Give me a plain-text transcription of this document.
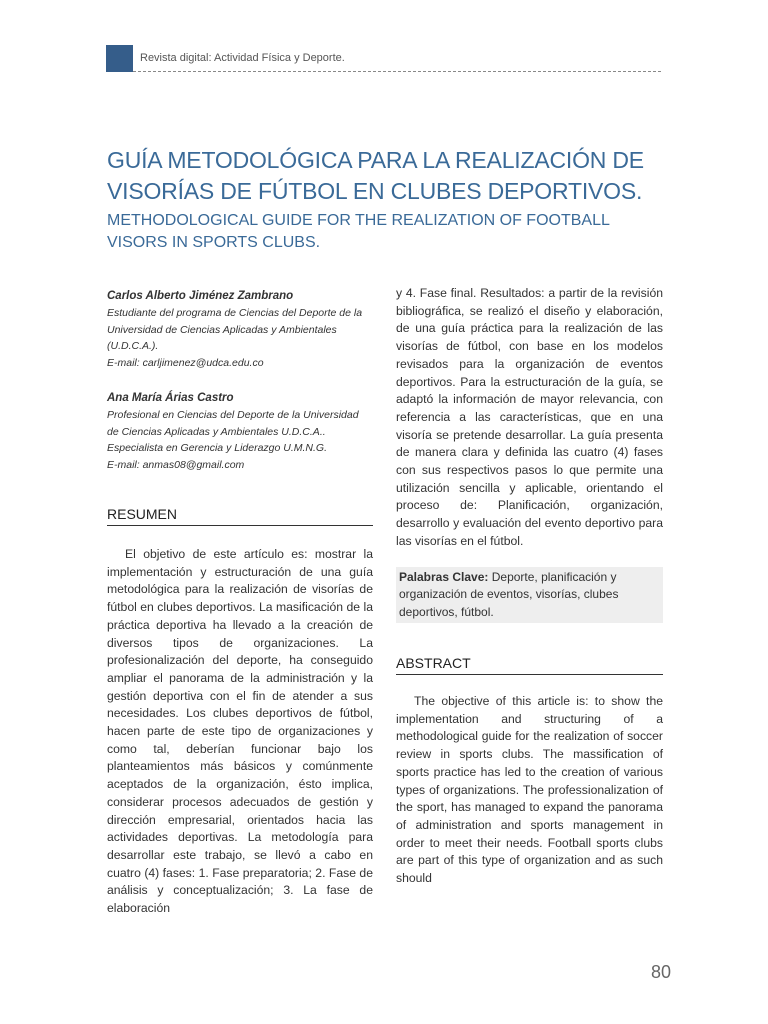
Revista digital: Actividad Física y Deporte.
GUÍA METODOLÓGICA PARA LA REALIZACIÓN DE VISORÍAS DE FÚTBOL EN CLUBES DEPORTIVOS.
METHODOLOGICAL GUIDE FOR THE REALIZATION OF FOOTBALL VISORS IN SPORTS CLUBS.
Carlos Alberto Jiménez Zambrano
Estudiante del programa de Ciencias del Deporte de la Universidad de Ciencias Aplicadas y Ambientales (U.D.C.A.).
E-mail: carljimenez@udca.edu.co
Ana María Árias Castro
Profesional en Ciencias del Deporte de la Universidad de Ciencias Aplicadas y Ambientales U.D.C.A..
Especialista en Gerencia y Liderazgo U.M.N.G.
E-mail: anmas08@gmail.com
RESUMEN

El objetivo de este artículo es: mostrar la implementación y estructuración de una guía metodológica para la realización de visorías de fútbol en clubes deportivos. La masificación de la práctica deportiva ha llevado a la creación de diversos tipos de organizaciones. La profesionalización del deporte, ha conseguido ampliar el panorama de la administración y la gestión deportiva con el fin de atender a sus necesidades. Los clubes deportivos de fútbol, hacen parte de este tipo de organizaciones y como tal, deberían funcionar bajo los planteamientos más básicos y comúnmente aceptados de la organización, ésto implica, considerar procesos adecuados de gestión y dirección empresarial, orientados hacia las actividades deportivas. La metodología para desarrollar este trabajo, se llevó a cabo en cuatro (4) fases: 1. Fase preparatoria; 2. Fase de análisis y conceptualización; 3. La fase de elaboración

y 4. Fase final. Resultados: a partir de la revisión bibliográfica, se realizó el diseño y elaboración, de una guía práctica para la realización de las visorías de fútbol, con base en los modelos revisados para la organización de eventos deportivos. Para la estructuración de la guía, se adaptó la información de mayor relevancia, con referencia a las características, que en una visoría se pretende desarrollar. La guía presenta de manera clara y definida las cuatro (4) fases con sus respectivos pasos lo que permite una utilización sencilla y aplicable, orientando el proceso de: Planificación, organización, desarrollo y evaluación del evento deportivo para las visorías en el fútbol.

Palabras Clave: Deporte, planificación y organización de eventos, visorías, clubes deportivos, fútbol.

ABSTRACT

The objective of this article is: to show the implementation and structuring of a methodological guide for the realization of soccer review in sports clubs. The massification of sports practice has led to the creation of various types of organizations. The professionalization of the sport, has managed to expand the panorama of administration and sports management in order to meet their needs. Football sports clubs are part of this type of organization and as such should

80
